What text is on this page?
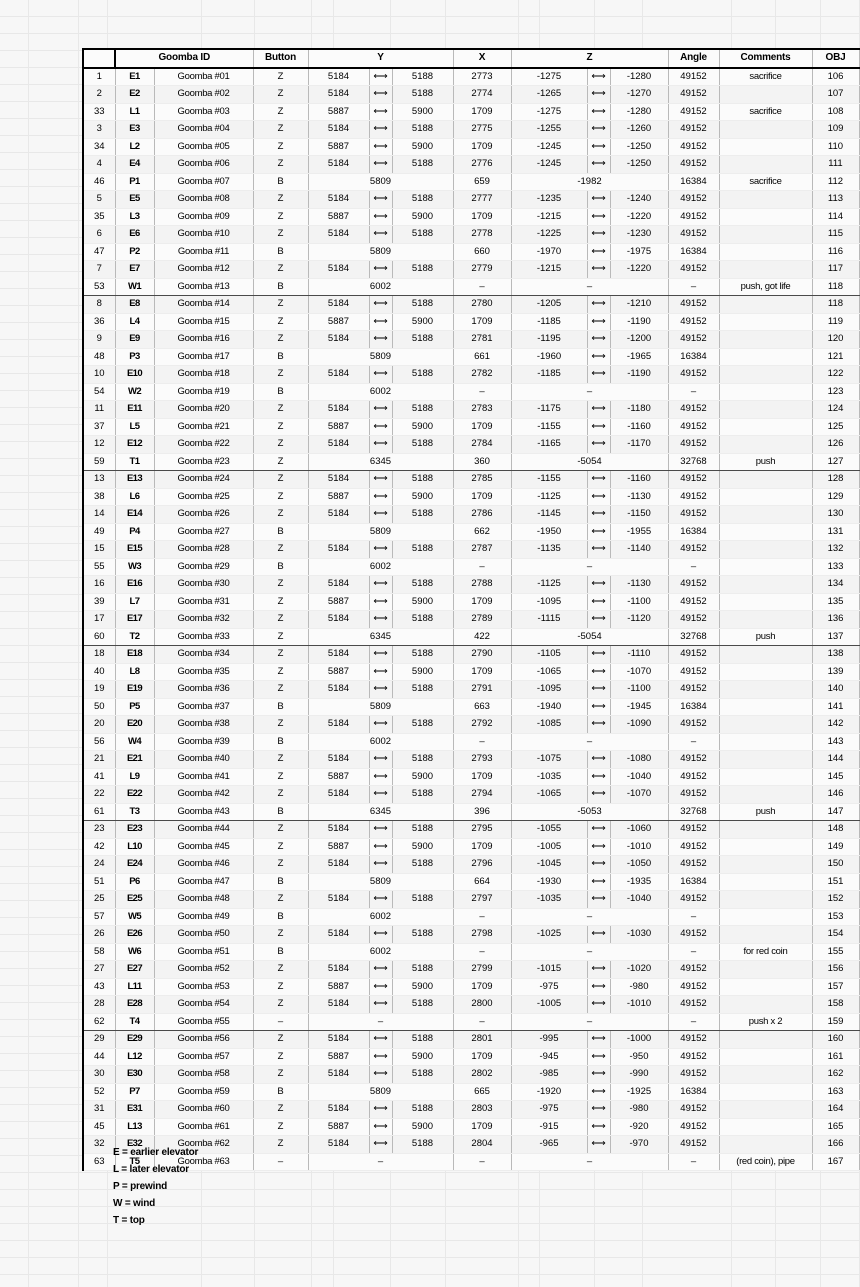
	Goomba ID		Button	Y			X	Z			Angle	Comments	OBJ
1	E1	Goomba #01	Z	5184	⟷	5188	2773	-1275	⟷	-1280	49152	sacrifice	106
2	E2	Goomba #02	Z	5184	⟷	5188	2774	-1265	⟷	-1270	49152		107
33	L1	Goomba #03	Z	5887	⟷	5900	1709	-1275	⟷	-1280	49152	sacrifice	108
3	E3	Goomba #04	Z	5184	⟷	5188	2775	-1255	⟷	-1260	49152		109
34	L2	Goomba #05	Z	5887	⟷	5900	1709	-1245	⟷	-1250	49152		110
4	E4	Goomba #06	Z	5184	⟷	5188	2776	-1245	⟷	-1250	49152		111
46	P1	Goomba #07	B	5809			659	-1982			16384	sacrifice	112
5	E5	Goomba #08	Z	5184	⟷	5188	2777	-1235	⟷	-1240	49152		113
35	L3	Goomba #09	Z	5887	⟷	5900	1709	-1215	⟷	-1220	49152		114
6	E6	Goomba #10	Z	5184	⟷	5188	2778	-1225	⟷	-1230	49152		115
47	P2	Goomba #11	B	5809			660	-1970	⟷	-1975	16384		116
7	E7	Goomba #12	Z	5184	⟷	5188	2779	-1215	⟷	-1220	49152		117
53	W1	Goomba #13	B	6002			–	–			–	push, got life	118
8	E8	Goomba #14	Z	5184	⟷	5188	2780	-1205	⟷	-1210	49152		118
36	L4	Goomba #15	Z	5887	⟷	5900	1709	-1185	⟷	-1190	49152		119
9	E9	Goomba #16	Z	5184	⟷	5188	2781	-1195	⟷	-1200	49152		120
48	P3	Goomba #17	B	5809			661	-1960	⟷	-1965	16384		121
10	E10	Goomba #18	Z	5184	⟷	5188	2782	-1185	⟷	-1190	49152		122
54	W2	Goomba #19	B	6002			–	–			–		123
11	E11	Goomba #20	Z	5184	⟷	5188	2783	-1175	⟷	-1180	49152		124
37	L5	Goomba #21	Z	5887	⟷	5900	1709	-1155	⟷	-1160	49152		125
12	E12	Goomba #22	Z	5184	⟷	5188	2784	-1165	⟷	-1170	49152		126
59	T1	Goomba #23	Z	6345			360	-5054			32768	push	127
13	E13	Goomba #24	Z	5184	⟷	5188	2785	-1155	⟷	-1160	49152		128
38	L6	Goomba #25	Z	5887	⟷	5900	1709	-1125	⟷	-1130	49152		129
14	E14	Goomba #26	Z	5184	⟷	5188	2786	-1145	⟷	-1150	49152		130
49	P4	Goomba #27	B	5809			662	-1950	⟷	-1955	16384		131
15	E15	Goomba #28	Z	5184	⟷	5188	2787	-1135	⟷	-1140	49152		132
55	W3	Goomba #29	B	6002			–	–			–		133
16	E16	Goomba #30	Z	5184	⟷	5188	2788	-1125	⟷	-1130	49152		134
39	L7	Goomba #31	Z	5887	⟷	5900	1709	-1095	⟷	-1100	49152		135
17	E17	Goomba #32	Z	5184	⟷	5188	2789	-1115	⟷	-1120	49152		136
60	T2	Goomba #33	Z	6345			422	-5054			32768	push	137
18	E18	Goomba #34	Z	5184	⟷	5188	2790	-1105	⟷	-1110	49152		138
40	L8	Goomba #35	Z	5887	⟷	5900	1709	-1065	⟷	-1070	49152		139
19	E19	Goomba #36	Z	5184	⟷	5188	2791	-1095	⟷	-1100	49152		140
50	P5	Goomba #37	B	5809			663	-1940	⟷	-1945	16384		141
20	E20	Goomba #38	Z	5184	⟷	5188	2792	-1085	⟷	-1090	49152		142
56	W4	Goomba #39	B	6002			–	–			–		143
21	E21	Goomba #40	Z	5184	⟷	5188	2793	-1075	⟷	-1080	49152		144
41	L9	Goomba #41	Z	5887	⟷	5900	1709	-1035	⟷	-1040	49152		145
22	E22	Goomba #42	Z	5184	⟷	5188	2794	-1065	⟷	-1070	49152		146
61	T3	Goomba #43	B	6345			396	-5053			32768	push	147
23	E23	Goomba #44	Z	5184	⟷	5188	2795	-1055	⟷	-1060	49152		148
42	L10	Goomba #45	Z	5887	⟷	5900	1709	-1005	⟷	-1010	49152		149
24	E24	Goomba #46	Z	5184	⟷	5188	2796	-1045	⟷	-1050	49152		150
51	P6	Goomba #47	B	5809			664	-1930	⟷	-1935	16384		151
25	E25	Goomba #48	Z	5184	⟷	5188	2797	-1035	⟷	-1040	49152		152
57	W5	Goomba #49	B	6002			–	–			–		153
26	E26	Goomba #50	Z	5184	⟷	5188	2798	-1025	⟷	-1030	49152		154
58	W6	Goomba #51	B	6002			–	–			–	for red coin	155
27	E27	Goomba #52	Z	5184	⟷	5188	2799	-1015	⟷	-1020	49152		156
43	L11	Goomba #53	Z	5887	⟷	5900	1709	-975	⟷	-980	49152		157
28	E28	Goomba #54	Z	5184	⟷	5188	2800	-1005	⟷	-1010	49152		158
62	T4	Goomba #55	–	–			–	–			–	push x 2	159
29	E29	Goomba #56	Z	5184	⟷	5188	2801	-995	⟷	-1000	49152		160
44	L12	Goomba #57	Z	5887	⟷	5900	1709	-945	⟷	-950	49152		161
30	E30	Goomba #58	Z	5184	⟷	5188	2802	-985	⟷	-990	49152		162
52	P7	Goomba #59	B	5809			665	-1920	⟷	-1925	16384		163
31	E31	Goomba #60	Z	5184	⟷	5188	2803	-975	⟷	-980	49152		164
45	L13	Goomba #61	Z	5887	⟷	5900	1709	-915	⟷	-920	49152		165
32	E32	Goomba #62	Z	5184	⟷	5188	2804	-965	⟷	-970	49152		166
63	T5	Goomba #63	–	–			–	–			–	(red coin), pipe	167
E = earlier elevator
L = later elevator
P = prewind
W = wind
T = top
